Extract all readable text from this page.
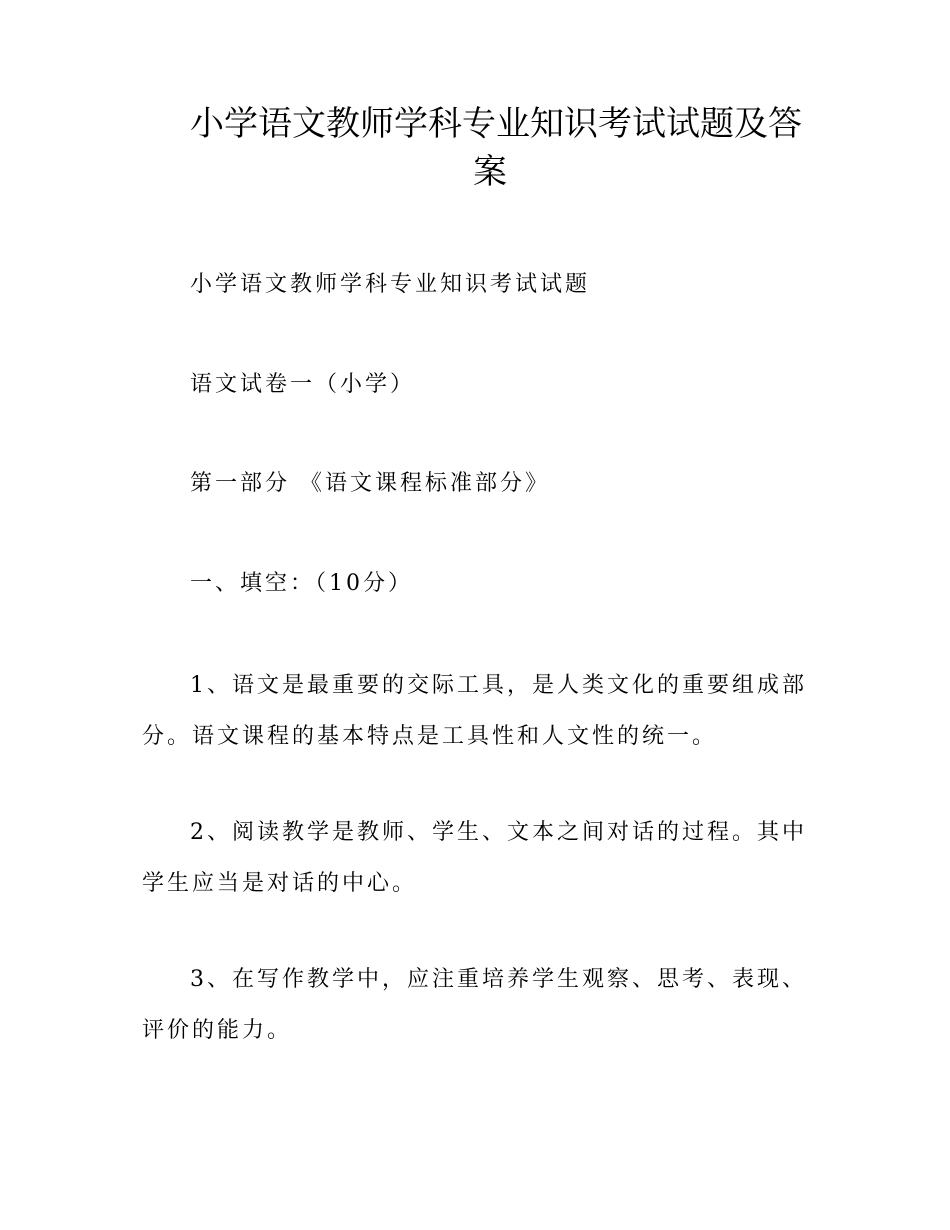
小学语文教师学科专业知识考试试题及答
案

小学语文教师学科专业知识考试试题

语文试卷一（小学）

第一部分 《语文课程标准部分》

一、填空：（10分）

1、语文是最重要的交际工具，是人类文化的重要组成部
分。语文课程的基本特点是工具性和人文性的统一。
2、阅读教学是教师、学生、文本之间对话的过程。其中
学生应当是对话的中心。
3、在写作教学中，应注重培养学生观察、思考、表现、
评价的能力。
